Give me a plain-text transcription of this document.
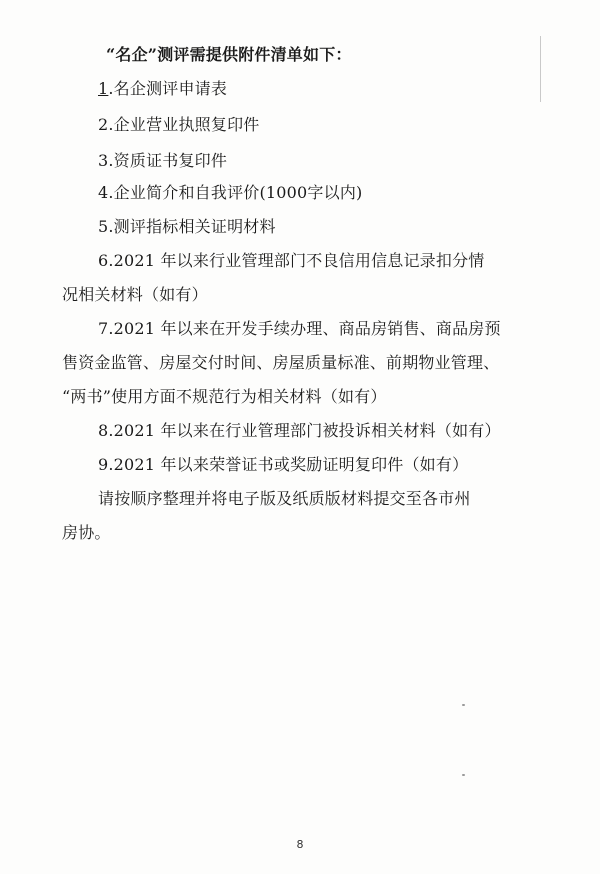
“名企”测评需提供附件清单如下：
1.名企测评申请表
2.企业营业执照复印件
3.资质证书复印件
4.企业简介和自我评价(1000字以内)
5.测评指标相关证明材料
6.2021 年以来行业管理部门不良信用信息记录扣分情
况相关材料（如有）
7.2021 年以来在开发手续办理、商品房销售、商品房预
售资金监管、房屋交付时间、房屋质量标准、前期物业管理、
“两书”使用方面不规范行为相关材料（如有）
8.2021 年以来在行业管理部门被投诉相关材料（如有）
9.2021 年以来荣誉证书或奖励证明复印件（如有）
请按顺序整理并将电子版及纸质版材料提交至各市州
房协。
8
